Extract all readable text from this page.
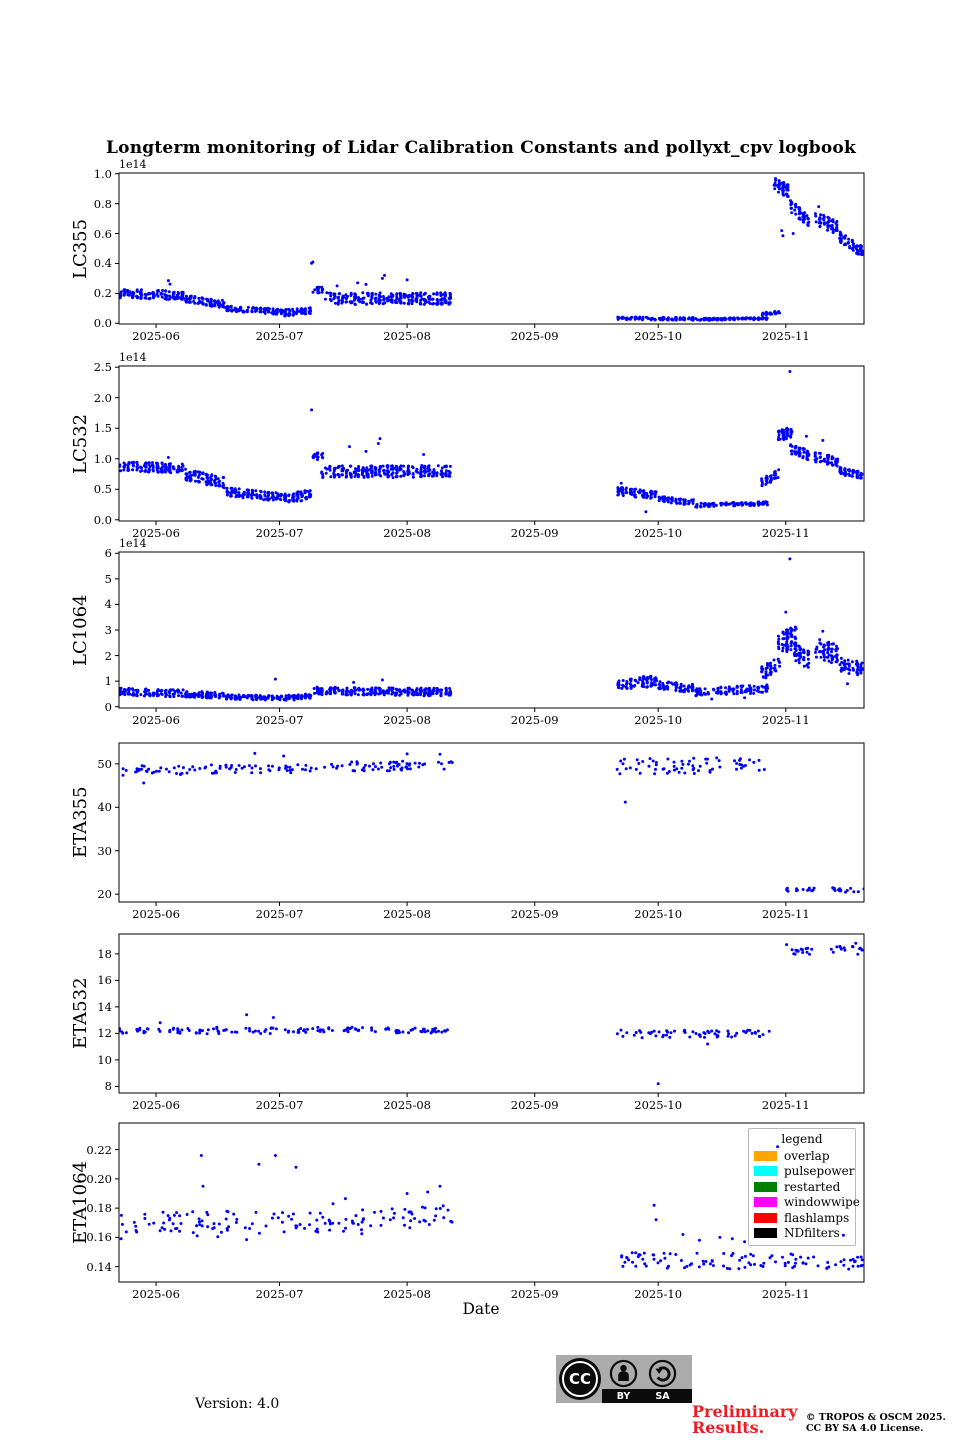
Longterm monitoring of Lidar Calibration Constants and pollyxt_cpv logbook
LC355
1e14
LC532
1e14
LC1064
1e14
ETA355
ETA532
ETA1064
Date
legend
overlap
pulsepower
restarted
windowwipe
flashlamps
NDfilters
Version: 4.0
CC
BY	SA
Preliminary
Results.
© TROPOS & OSCM 2025.
CC BY SA 4.0 License.
0.0
0.2
0.4
0.6
0.8
1.0
2025-06	2025-07	2025-08	2025-09	2025-10	2025-11
0.0
0.5
1.0
1.5
2.0
2.5
2025-06	2025-07	2025-08	2025-09	2025-10	2025-11
0
1
2
3
4
5
6
2025-06	2025-07	2025-08	2025-09	2025-10	2025-11
20
30
40
50
2025-06	2025-07	2025-08	2025-09	2025-10	2025-11
8
10
12
14
16
18
2025-06	2025-07	2025-08	2025-09	2025-10	2025-11
0.14
0.16
0.18
0.20
0.22
2025-06	2025-07	2025-08	2025-09	2025-10	2025-11
